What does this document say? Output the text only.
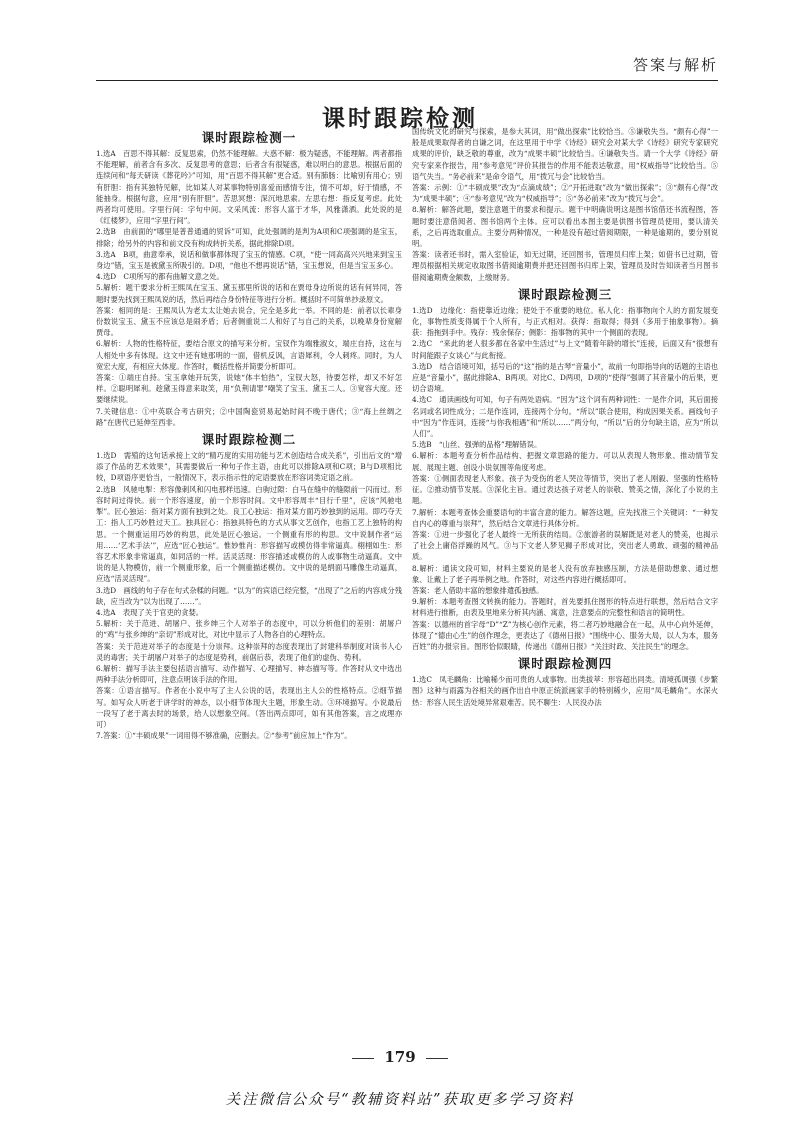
答案与解析
课时跟踪检测
课时跟踪检测一

1.选A　百思不得其解：反复思索，仍然不能理解。大惑不解：极为疑惑，不能理解。两者都指不能理解，前者含有多次、反复思考的意思；后者含有很疑惑，难以明白的意思。根据后面的连续问和“每天研读《葬花吟》”可知，用“百思不得其解”更合适。别有肺肠：比喻别有用心；别有肝胆：指有其独特见解，比如某人对某事物特别喜爱而感情专注，情不可却，好于情感，不能抽身。根据句意，应用“别有肝胆”。苦思冥想：深沉地思索。左思右想：指反复考虑。此处两者均可使用。字里行间：字句中间。文采风流：形容人富于才华，风雅潇洒。此处说的是《红楼梦》，应用“字里行间”。

2.选B　由前面的“哪里是普普通通的贸诉”可知，此处强调的是判为A项和C项强调的是宝玉，排除；给另外的内容和前文没有构成转折关系，据此排除D项。

3.选A　B项，曲意奉承，说话和做事都体现了宝玉的情感。C项，“使一同高高兴兴地来到宝玉身边”错，宝玉是被黛玉所吸引的。D项，“他也不想再说话”错，宝玉想说，但是当宝玉多心。

4.选D　C项所写的都有曲解文意之处。

5.解析：题干要求分析王熙凤在宝玉、黛玉那里所说的话和在贾母身边所说的话有何异同，答题时要先找到王熙凤说的话，然后再结合身份特征等进行分析。概括时不可简单抄录原文。

答案：相同的是：王熙凤认为老太太让她去说合，完全是多此一举。不同的是：前者以长辈身份数说宝玉、黛玉不应该总是闹矛盾；后者侧重说二人和好了与自己的关系，以晚辈身份宽解贾母。

6.解析：人物的性格特征，要结合原文的描写来分析。宝钗作为端雅淑女，端庄自持，这在与人相处中多有体现。这文中还有她那明的一面，借机反讽，言语犀利，令人刺疼。同时，为人宽宏大度，有相应大体度。作答时，概括性格并简要分析即可。

答案：①端庄自持。宝玉拿她开玩笑，说她“体丰怕热”，宝钗大怒，待要怎样，却又不好怎样。②聪明犀利。趁黛玉得意来取笑，用“负荆请罪”嘲笑了宝玉、黛玉二人。③宽容大度。还要继续说。

7.关键信息：①中英联合考古研究；②中国陶瓷贸易起始时间不晚于唐代；③“海上丝绸之路”在唐代已延伸至西非。

课时跟踪检测二

1.选D　需殖的这句话承接上文的“精巧度的实用功能与艺术创造结合成关系”，引出后文的“增添了作品的艺术效果”，其需要做后一种句子作主语，由此可以排除A项和C项；B与D项相比较，D项语序更恰当，一般情况下，表示指示性的定语要放在形容词类定语之前。

2.选B　风驰电掣：形容像刺风和闪电那样迅速。白驹过隙：白马在缝中的缝隙前一闪而过。形容时间过得快。前一个形容速度，前一个形容时间。文中形容周丰“目行千里”，应该“风驰电掣”。匠心独运：指对某方面有独到之处。良工心独运：指对某方面巧妙独到的运用。即巧夺天工：指人工巧妙胜过天工。独具匠心：指独具特色的方式从事文艺创作，也指工艺上独特的构思。一个侧重运用巧妙的构思，此处是匠心独运。一个侧重有形的构思。文中说制作者“运用……‘艺术手法’”，应选“匠心独运”。惟妙惟肖：形容描写或模仿得非常逼真。栩栩如生：形容艺术形象非常逼真，如同活的一样。活灵活现：形容描述或模仿的人或事物生动逼真。文中说的是人物模仿，前一个侧重形象，后一个侧重描述模仿。文中说的是绢面马雕像生动逼真，应选“活灵活现”。

3.选D　画线的句子存在句式杂糅的问题。“以为”的宾语已经完整，“出现了”之后的内容成分残缺，应当改为“以为出现了……”。

4.选A　表现了关于官吏的贪婪。

5.解析：关于范进、胡屠户、张乡绅三个人对举子的态度中，可以分析他们的差别：胡屠户的“鸡”与张乡绅的“亲切”形成对比，对比中显示了人物各自的心理特点。

答案：关于范进对举子的态度是十分崇拜。这种崇拜的态度表现出了封建科举制度对读书人心灵的毒害；关于胡屠户对举子的态度是势利，前倨后恭，表现了他们的虚伪、势利。

6.解析：描写手法主要包括语言描写、动作描写、心理描写、神态描写等。作答时从文中选出两种手法分析即可，注意点明该手法的作用。

答案：①语言描写。作者在小说中写了主人公说的话，表现出主人公的性格特点。②细节描写。如写众人听老于讲学时的神态，以小细节体现大主题，形象生动。③环境描写。小说最后一段写了老于离去时的场景，给人以想象空间。（答出两点即可，如有其他答案，言之成理亦可）

7.答案：①“丰硕成果”一词用得不够准确，应删去。②“参考”前应加上“作为”。

国传统文化的研究与探索，是参大其词，用“做出探索”比较恰当。⑤谦敬失当。“颇有心得”一般是成果取得者的自谦之词，在这里用于中学《诗经》研究会对某大学《诗经》研究专家研究成果的评价，缺乏敬的尊重，改为“成果丰硕”比较恰当。④谦敬失当。请一个大学《诗经》研究专家来作报告，用“参考意见”评价其报告的作用不能表达敬意，用“权威指导”比较恰当。⑤语气失当。“务必前来”是命令语气，用“拨冗与会”比较恰当。

答案：示例：①“丰硕成果”改为“点滴成绩”；②“开拓进取”改为“做出探索”；③“颇有心得”改为“成果丰硕”；④“参考意见”改为“权威指导”；⑤“务必前来”改为“拨冗与会”。

8.解析：解答此题，要注意题干的要求和提示。题干中明确说明这是图书馆借还书流程图，答题时要注意借阅者、图书馆两个主体。应可以看出本图主要是供图书管理员使用，要认清关系，之后再选取重点。主要分两种情况，一种是没有超过借阅期限，一种是逾期的，要分别说明。

答案：读者还书时，需入室验证，如无过期，还回图书，管理员归库上架；如借书已过期，管理员根据相关规定收取图书借阅逾期费并把还回图书归库上架，管理员及时告知读者当月图书借阅逾期费金额数，上缴财务。

课时跟踪检测三

1.选D　边缘化：指使靠近边缘；使处于不重要的地位。私人化：指事物向个人的方面发展变化，事物性质变得属于个人所有，与正式相对。获得：指取得；得到（多用于抽象事物）。摘获：指拖到手中。残存：残余保存；侧影：指事物的其中一个侧面的表现。

2.选C　“来此的老人很多都在各家中生活过”与上文“随着年龄的增长”连接，后面又有“很想有时间能跟子女谈心”与此衔接。

3.选D　结合语境可知，括号后的“这”指的是古琴“音量小”，故前一句即指导向的话题的主语也应是“音量小”，据此排除A、B两项。对比C、D两项，D项的“使得”强调了其音量小的后果，更切合语境。

4.选C　通读画线句可知，句子有两处语病。“因为”这个词有两种词性：一是作介词，其后面接名词或名词性成分；二是作连词，连接两个分句。“所以”联合使用，构成因果关系。画线句子中“因为”作连词，连接“与你我相遇”和“所以……”两分句，“所以”后的分句缺主语，应为“所以人们”。

5.选B　“山丝、强弹的品格”理解错误。

6.解析：本题考查分析作品结构、把握文章思路的能力。可以从表现人物形象、推动情节发展、展现主题、创设小说氛围等角度考虑。

答案：①侧面表现老人形象。孩子为受伤的老人哭泣等情节，突出了老人刚毅、坚强的性格特征。②推动情节发展。③深化主旨。通过表达孩子对老人的崇敬、赞美之情，深化了小说的主题。

7.解析：本题考查体会重要语句的丰富含意的能力。解答这题，应先找准三个关键词：“一种发自内心的尊重与崇拜”，然后结合文章进行具体分析。

答案：①进一步强化了老人最终一无所获的结局。②旅游者的误解既是对老人的赞美，也揭示了社会上庸俗浮躁的风气。③与下文老人梦见狮子形成对比，突出老人勇敢、顽强的精神品质。

8.解析：通读文段可知，材料主要说的是老人没有放弃独感压制，方法是借助想象、通过想象、让戴上了老子再举例之地。作答时，对这些内容进行概括即可。

答案：老人借助丰富的想象排遣孤独感。

9.解析：本题考查图文转换的能力。答题时，首先要抓住图形的特点进行联想，然后结合文字材料进行推断，由表及里地来分析其内涵、寓意，注意要点的完整性和语言的简明性。

答案：以德州的首字母“D”“Z”为核心创作元素，将二者巧妙地融合在一起，从中心向外延伸，体现了“德由心生”的创作理念，更表达了《德州日报》“围绕中心、服务大局，以人为本，服务百姓”的办报宗旨。图形恰似眼睛，传递出《德州日报》“关注时政、关注民生”的理念。

课时跟踪检测四

1.选C　凤毛麟角：比喻稀少而可贵的人或事物。出类拔萃：形容超出同类。清境孤调强《步繁图》这种与雨露为谷相关的画作出自中原正统派画家手的特别稀少，应用“凤毛麟角”。水深火热：形容人民生活处境异常艰难苦。民不聊生：人民没办法

179
关注微信公众号“教辅资料站”获取更多学习资料
